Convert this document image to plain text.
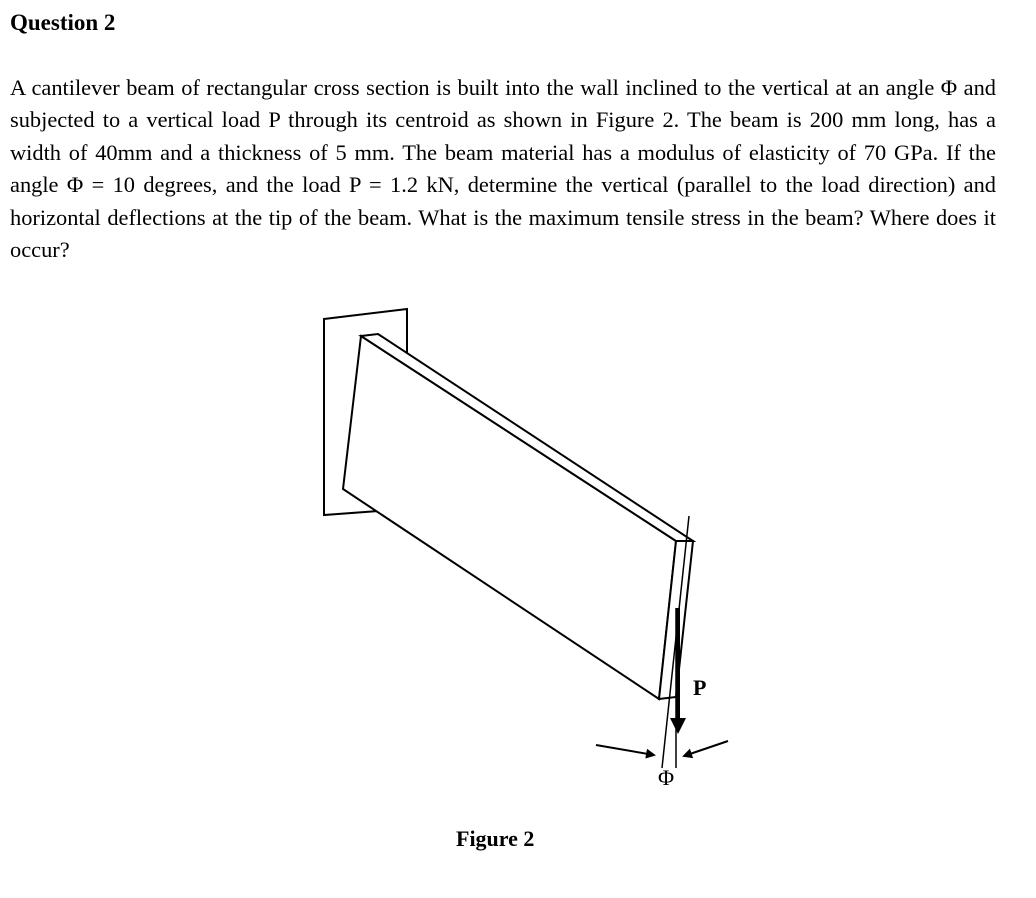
Question 2

A cantilever beam of rectangular cross section is built into the wall inclined to the vertical at an angle Φ and subjected to a vertical load P through its centroid as shown in Figure 2. The beam is 200 mm long, has a width of 40mm and a thickness of 5 mm. The beam material has a modulus of elasticity of 70 GPa. If the angle Φ = 10 degrees, and the load P = 1.2 kN, determine the vertical (parallel to the load direction) and horizontal deflections at the tip of the beam. What is the maximum tensile stress in the beam? Where does it occur?

P
Φ
Figure 2
